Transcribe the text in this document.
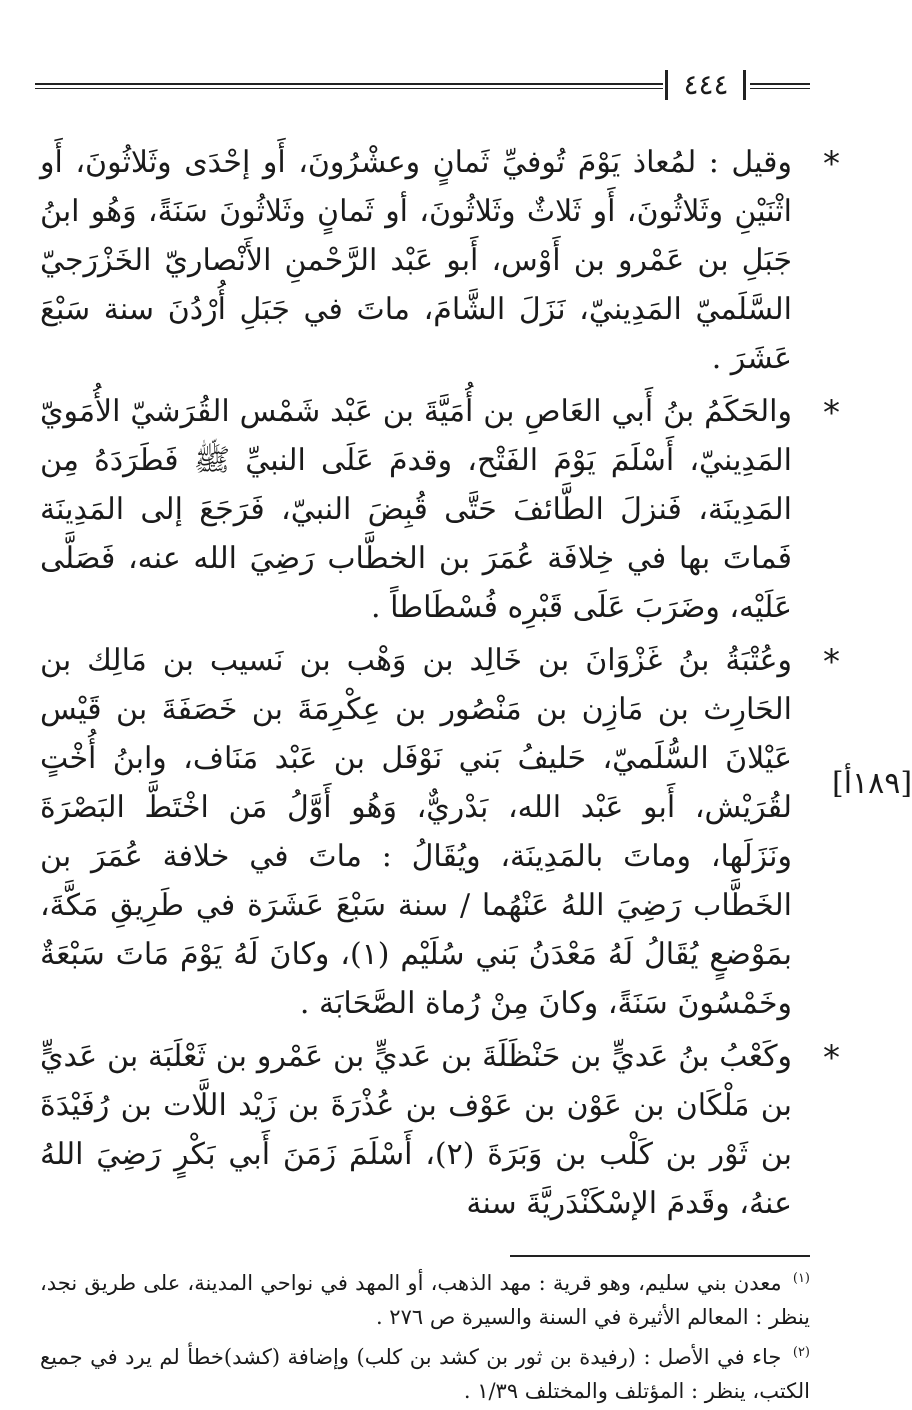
٤٤٤

*
وقيل : لمُعاذ يَوْمَ تُوفيِّ ثَمانٍ وعشْرُونَ، أَو إحْدَى وثَلاثُونَ، أَو اثْنَيْنِ وثَلاثُونَ، أَو ثَلاثٌ وثَلاثُونَ، أو ثَمانٍ وثَلاثُونَ سَنَةً، وَهُو ابنُ جَبَلِ بن عَمْرو بن أَوْس، أَبو عَبْد الرَّحْمنِ الأَنْصاريّ الخَزْرَجيّ السَّلَميّ المَدِينيّ، نَزَلَ الشَّامَ، ماتَ في جَبَلِ أُرْدُنَ سنة سَبْعَ عَشَرَ .

*
والحَكَمُ بنُ أَبي العَاصِ بن أُمَيَّةَ بن عَبْد شَمْس القُرَشيّ الأُمَويّ المَدِينيّ، أَسْلَمَ يَوْمَ الفَتْح، وقدمَ عَلَى النبيِّ ﷺ فَطَرَدَهُ مِن المَدِينَة، فَنزلَ الطَّائفَ حَتَّى قُبِضَ النبيّ، فَرَجَعَ إلى المَدِينَة فَماتَ بها في خِلافَة عُمَرَ بن الخطَّاب رَضِيَ الله عنه، فَصَلَّى عَلَيْه، وضَرَبَ عَلَى قَبْرِه فُسْطَاطاً .

*
وعُتْبَةُ بنُ غَزْوَانَ بن خَالِد بن وَهْب بن نَسيب بن مَالِك بن الحَارِث بن مَازِن بن مَنْصُور بن عِكْرِمَةَ بن خَصَفَةَ بن قَيْس عَيْلانَ السُّلَميّ، حَليفُ بَني نَوْفَل بن عَبْد مَنَاف، وابنُ أُخْتٍ لقُرَيْش، أَبو عَبْد الله، بَدْريٌّ، وَهُو أَوَّلُ مَن اخْتَطَّ البَصْرَةَ ونَزَلَها، وماتَ بالمَدِينَة، ويُقَالُ : ماتَ في خلافة عُمَرَ بن الخَطَّاب رَضِيَ اللهُ عَنْهُما / سنة سَبْعَ عَشَرَة في طَرِيقِ مَكَّةَ، بمَوْضعٍ يُقَالُ لَهُ مَعْدَنُ بَني سُلَيْم (١)، وكانَ لَهُ يَوْمَ مَاتَ سَبْعَةٌ وخَمْسُونَ سَنَةً، وكانَ مِنْ رُماة الصَّحَابَة .

*
وكَعْبُ بنُ عَديٍّ بن حَنْظَلَةَ بن عَديٍّ بن عَمْرو بن ثَعْلَبَة بن عَديٍّ بن مَلْكَان بن عَوْن بن عَوْف بن عُذْرَةَ بن زَيْد اللَّات بن رُفَيْدَةَ بن ثَوْر بن كَلْب بن وَبَرَةَ (٢)، أَسْلَمَ زَمَنَ أَبي بَكْرٍ رَضِيَ اللهُ عنهُ، وقَدمَ الإسْكَنْدَريَّةَ سنة

[١٨٩أ]

$^{(١)}$ معدن بني سليم، وهو قرية : مهد الذهب، أو المهد في نواحي المدينة، على طريق نجد، ينظر : المعالم الأثيرة في السنة والسيرة ص ٢٧٦ .

$^{(٢)}$ جاء في الأصل : (رفيدة بن ثور بن كشد بن كلب) وإضافة (كشد)خطأ لم يرد في جميع الكتب، ينظر : المؤتلف والمختلف ١/٣٩ .
